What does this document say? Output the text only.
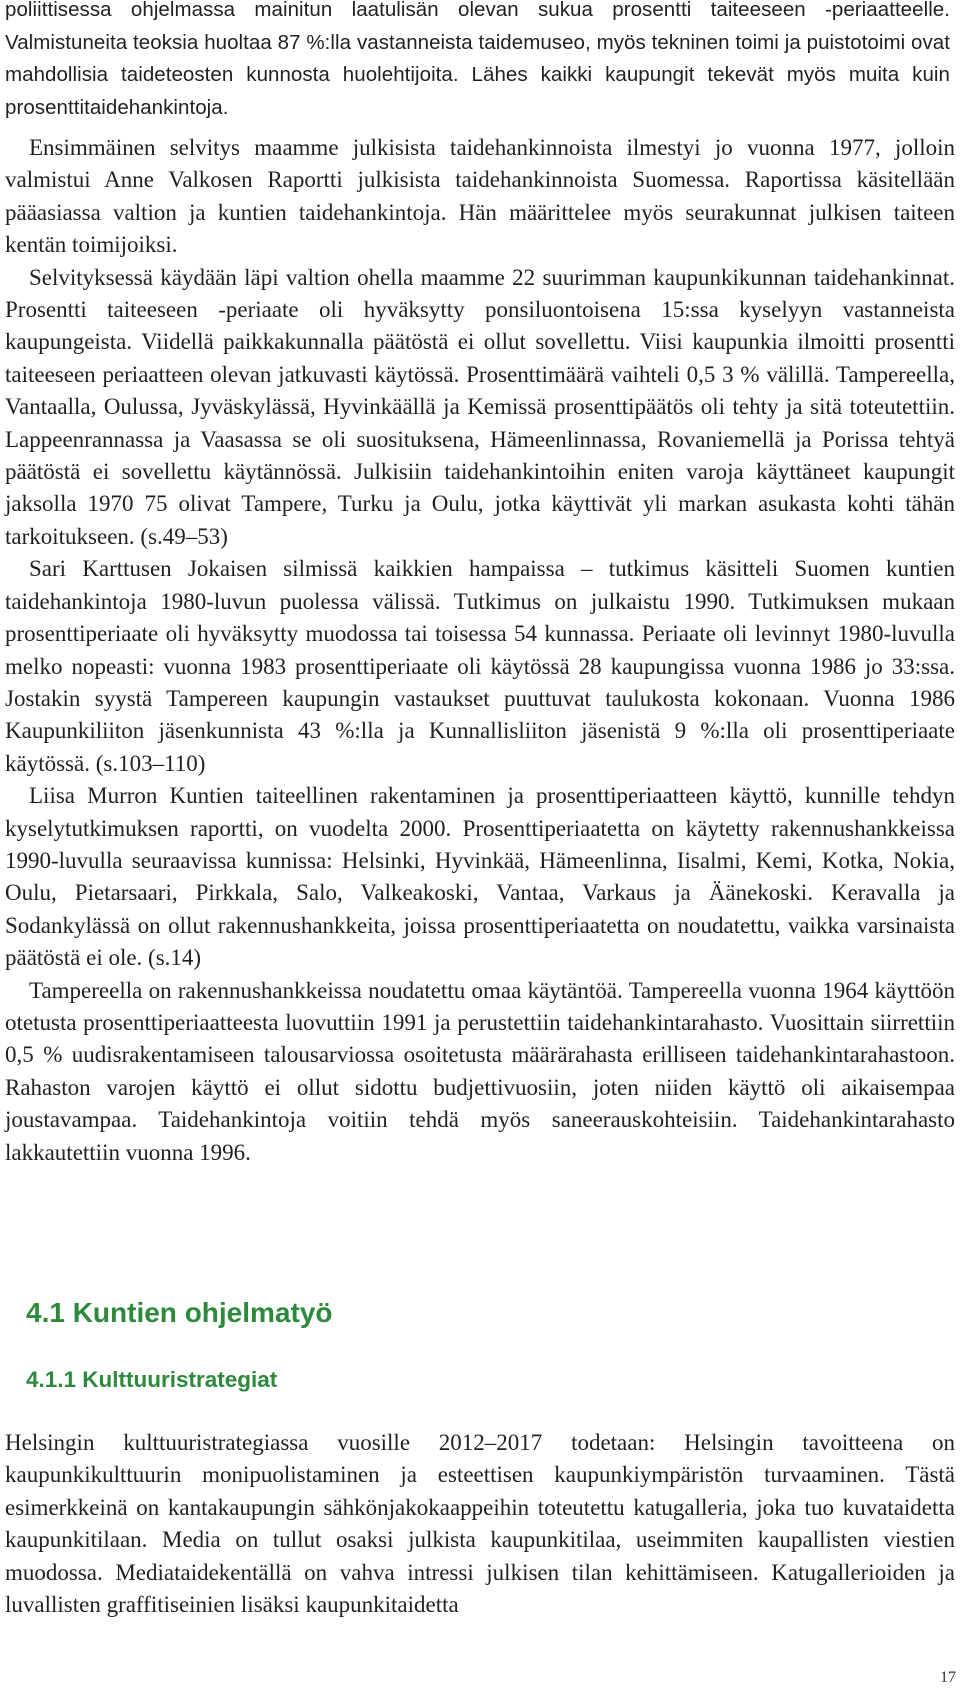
poliittisessa ohjelmassa mainitun laatulisän olevan sukua prosentti taiteeseen -periaatteelle. Valmistuneita teoksia huoltaa 87 %:lla vastanneista taidemuseo, myös tekninen toimi ja puistotoimi ovat mahdollisia taideteosten kunnosta huolehtijoita. Lähes kaikki kaupungit tekevät myös muita kuin prosenttitaidehankintoja.

Ensimmäinen selvitys maamme julkisista taidehankinnoista ilmestyi jo vuonna 1977, jolloin valmistui Anne Valkosen Raportti julkisista taidehankinnoista Suomessa. Raportissa käsitellään pääasiassa valtion ja kuntien taidehankintoja. Hän määrittelee myös seurakunnat julkisen taiteen kentän toimijoiksi.

Selvityksessä käydään läpi valtion ohella maamme 22 suurimman kaupunkikunnan taidehankinnat. Prosentti taiteeseen -periaate oli hyväksytty ponsiluontoisena 15:ssa kyselyyn vastanneista kaupungeista. Viidellä paikkakunnalla päätöstä ei ollut sovellettu. Viisi kaupunkia ilmoitti prosentti taiteeseen periaatteen olevan jatkuvasti käytössä. Prosenttimäärä vaihteli 0,5 3 % välillä. Tampereella, Vantaalla, Oulussa, Jyväskylässä, Hyvinkäällä ja Kemissä prosenttipäätös oli tehty ja sitä toteutettiin. Lappeenrannassa ja Vaasassa se oli suosituksena, Hämeenlinnassa, Rovaniemellä ja Porissa tehtyä päätöstä ei sovellettu käytännössä. Julkisiin taidehankintoihin eniten varoja käyttäneet kaupungit jaksolla 1970 75 olivat Tampere, Turku ja Oulu, jotka käyttivät yli markan asukasta kohti tähän tarkoitukseen. (s.49–53)

Sari Karttusen Jokaisen silmissä kaikkien hampaissa – tutkimus käsitteli Suomen kuntien taidehankintoja 1980-luvun puolessa välissä. Tutkimus on julkaistu 1990. Tutkimuksen mukaan prosenttiperiaate oli hyväksytty muodossa tai toisessa 54 kunnassa. Periaate oli levinnyt 1980-luvulla melko nopeasti: vuonna 1983 prosenttiperiaate oli käytössä 28 kaupungissa vuonna 1986 jo 33:ssa. Jostakin syystä Tampereen kaupungin vastaukset puuttuvat taulukosta kokonaan. Vuonna 1986 Kaupunkiliiton jäsenkunnista 43 %:lla ja Kunnallisliiton jäsenistä 9 %:lla oli prosenttiperiaate käytössä. (s.103–110)

Liisa Murron Kuntien taiteellinen rakentaminen ja prosenttiperiaatteen käyttö, kunnille tehdyn kyselytutkimuksen raportti, on vuodelta 2000. Prosenttiperiaatetta on käytetty rakennushankkeissa 1990-luvulla seuraavissa kunnissa: Helsinki, Hyvinkää, Hämeenlinna, Iisalmi, Kemi, Kotka, Nokia, Oulu, Pietarsaari, Pirkkala, Salo, Valkeakoski, Vantaa, Varkaus ja Äänekoski. Keravalla ja Sodankylässä on ollut rakennushankkeita, joissa prosenttiperiaatetta on noudatettu, vaikka varsinaista päätöstä ei ole. (s.14)

Tampereella on rakennushankkeissa noudatettu omaa käytäntöä. Tampereella vuonna 1964 käyttöön otetusta prosenttiperiaatteesta luovuttiin 1991 ja perustettiin taidehankintarahasto. Vuosittain siirrettiin 0,5 % uudisrakentamiseen talousarviossa osoitetusta määrärahasta erilliseen taidehankintarahastoon. Rahaston varojen käyttö ei ollut sidottu budjettivuosiin, joten niiden käyttö oli aikaisempaa joustavampaa. Taidehankintoja voitiin tehdä myös saneerauskohteisiin. Taidehankintarahasto lakkautettiin vuonna 1996.

4.1 Kuntien ohjelmatyö
4.1.1 Kulttuuristrategiat

Helsingin kulttuuristrategiassa vuosille 2012–2017 todetaan: Helsingin tavoitteena on kaupunkikulttuurin monipuolistaminen ja esteettisen kaupunkiympäristön turvaaminen. Tästä esimerkkeinä on kantakaupungin sähkönjakokaappeihin toteutettu katugalleria, joka tuo kuvataidetta kaupunkitilaan. Media on tullut osaksi julkista kaupunkitilaa, useimmiten kaupallisten viestien muodossa. Mediataidekentällä on vahva intressi julkisen tilan kehittämiseen. Katugallerioiden ja luvallisten graffitiseinien lisäksi kaupunkitaidetta

17
